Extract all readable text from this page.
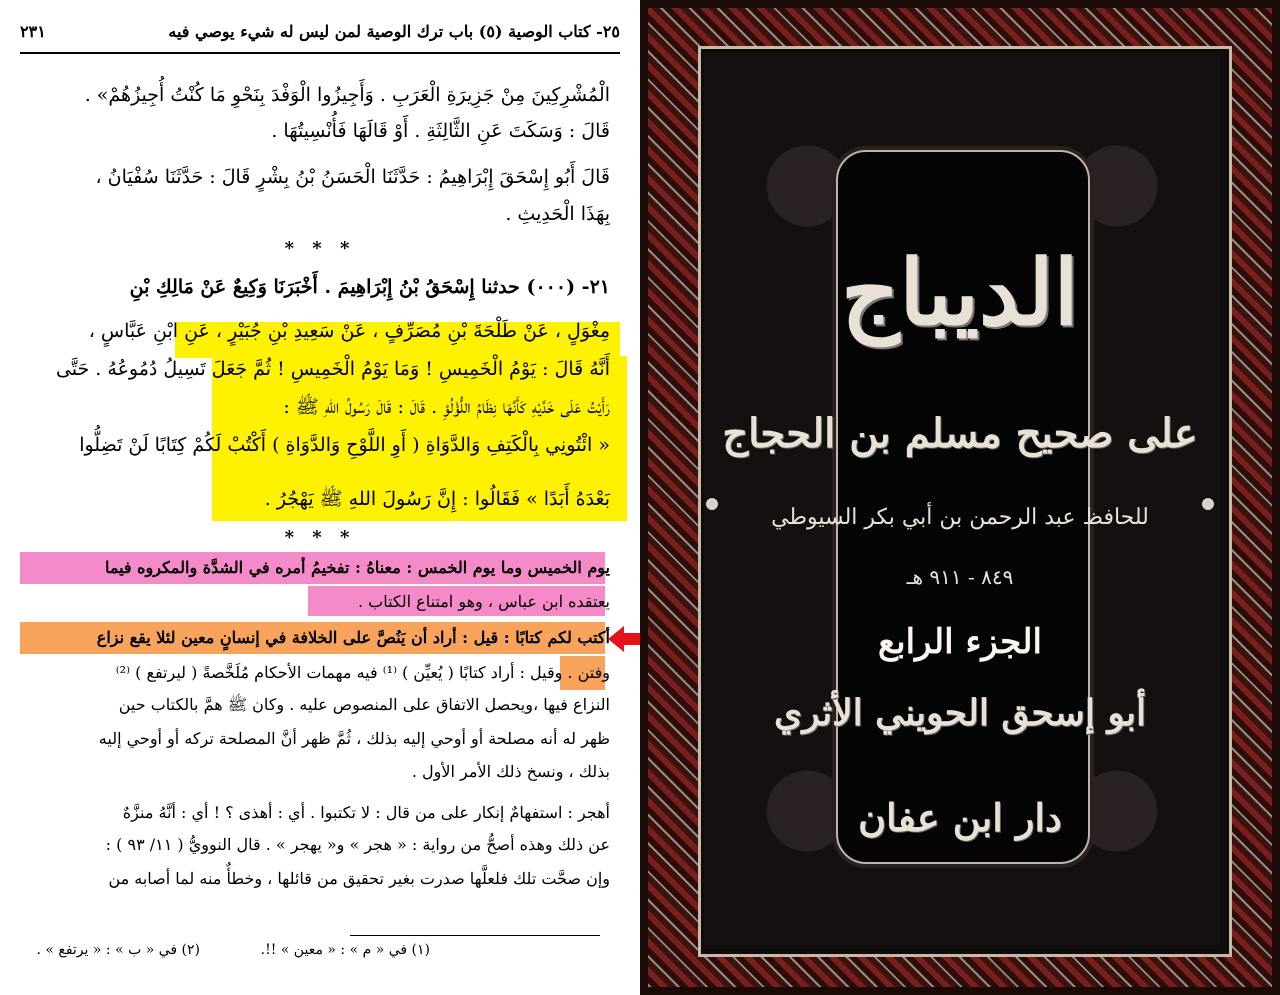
٢٣١	٢٥- كتاب الوصية (٥) باب ترك الوصية لمن ليس له شيء يوصي فيه
الْمُشْرِكِينَ مِنْ جَزِيرَةِ الْعَرَبِ . وَأَجِيزُوا الْوَفْدَ بِنَحْوِ مَا كُنْتُ أُجِيزُهُمْ» .
قَالَ : وَسَكَتَ عَنِ الثَّالِثَةِ . أَوْ قَالَهَا فَأُنْسِيتُهَا .
قَالَ أَبُو إِسْحَقَ إِبْرَاهِيمُ : حَدَّثَنَا الْحَسَنُ بْنُ بِشْرٍ قَالَ : حَدَّثَنَا سُفْيَانُ ،
بِهَذَا الْحَدِيثِ .
* * *
٢١- (٠٠٠) حدثنا إِسْحَقُ بْنُ إِبْرَاهِيمَ . أَخْبَرَنَا وَكِيعٌ عَنْ مَالِكِ بْنِ
مِغْوَلٍ ، عَنْ طَلْحَةَ بْنِ مُصَرِّفٍ ، عَنْ سَعِيدِ بْنِ جُبَيْرٍ ، عَنِ ابْنِ عَبَّاسٍ ،
أَنَّهُ قَالَ : يَوْمُ الْخَمِيسِ ! وَمَا يَوْمُ الْخَمِيسِ ! ثُمَّ جَعَلَ تَسِيلُ دُمُوعُهُ . حَتَّى
رَأَيْتُ عَلَى خَدَّيْهِ كَأَنَّهَا نِظَامُ اللُّؤْلُؤِ . قَالَ : قَالَ رَسُولُ اللهِ ﷺ :
« ائْتُونِي بِالْكَتِفِ وَالدَّوَاةِ ( أَوِ اللَّوْحِ وَالدَّوَاةِ ) أَكْتُبْ لَكُمْ كِتَابًا لَنْ تَضِلُّوا
بَعْدَهُ أَبَدًا » فَقَالُوا : إِنَّ رَسُولَ اللهِ ﷺ يَهْجُرُ .
* * *
يوم الخميس وما يوم الخمس : معناهُ : تفخيمُ أمره في الشدَّة والمكروه فيما
يعتقده ابن عباس ، وهو امتناع الكتاب .
أكتب لكم كتابًا : قيل : أراد أن يَنُصَّ على الخلافة في إنسانٍ معين لئلا يقع نزاع
وفتن . وقيل : أراد كتابًا ( يُعيِّن ) ⁽¹⁾ فيه مهمات الأحكام مُلَخَّصةً ( ليرتفع ) ⁽²⁾
النزاع فيها ،ويحصل الاتفاق على المنصوص عليه . وكان ﷺ همَّ بالكتاب حين
ظهر له أنه مصلحة أو أوحي إليه بذلك ، ثُمَّ ظهر أنَّ المصلحة تركه أو أوحي إليه
بذلك ، ونسخ ذلك الأمر الأول .
أهجر : استفهامٌ إنكار على من قال : لا تكتبوا . أي : أهذى ؟ ! أي : أنَّهُ منزَّهٌ
عن ذلك وهذه أصحُّ من رواية : « هجر » و« يهجر » . قال النوويُّ ( ١١/ ٩٣ ) :
وإن صحَّت تلك فلعلَّها صدرت بغير تحقيق من قائلها ، وخطأٌ منه لما أصابه من
(١) في « م » : « معين » !!.
(٢) في « ب » : « يرتفع » .
الديباج
على صحيح مسلم بن الحجاج
للحافظ عبد الرحمن بن أبي بكر السيوطي
٨٤٩ - ٩١١ هـ
الجزء الرابع
أبو إسحق الحويني الأثري
دار ابن عفان
